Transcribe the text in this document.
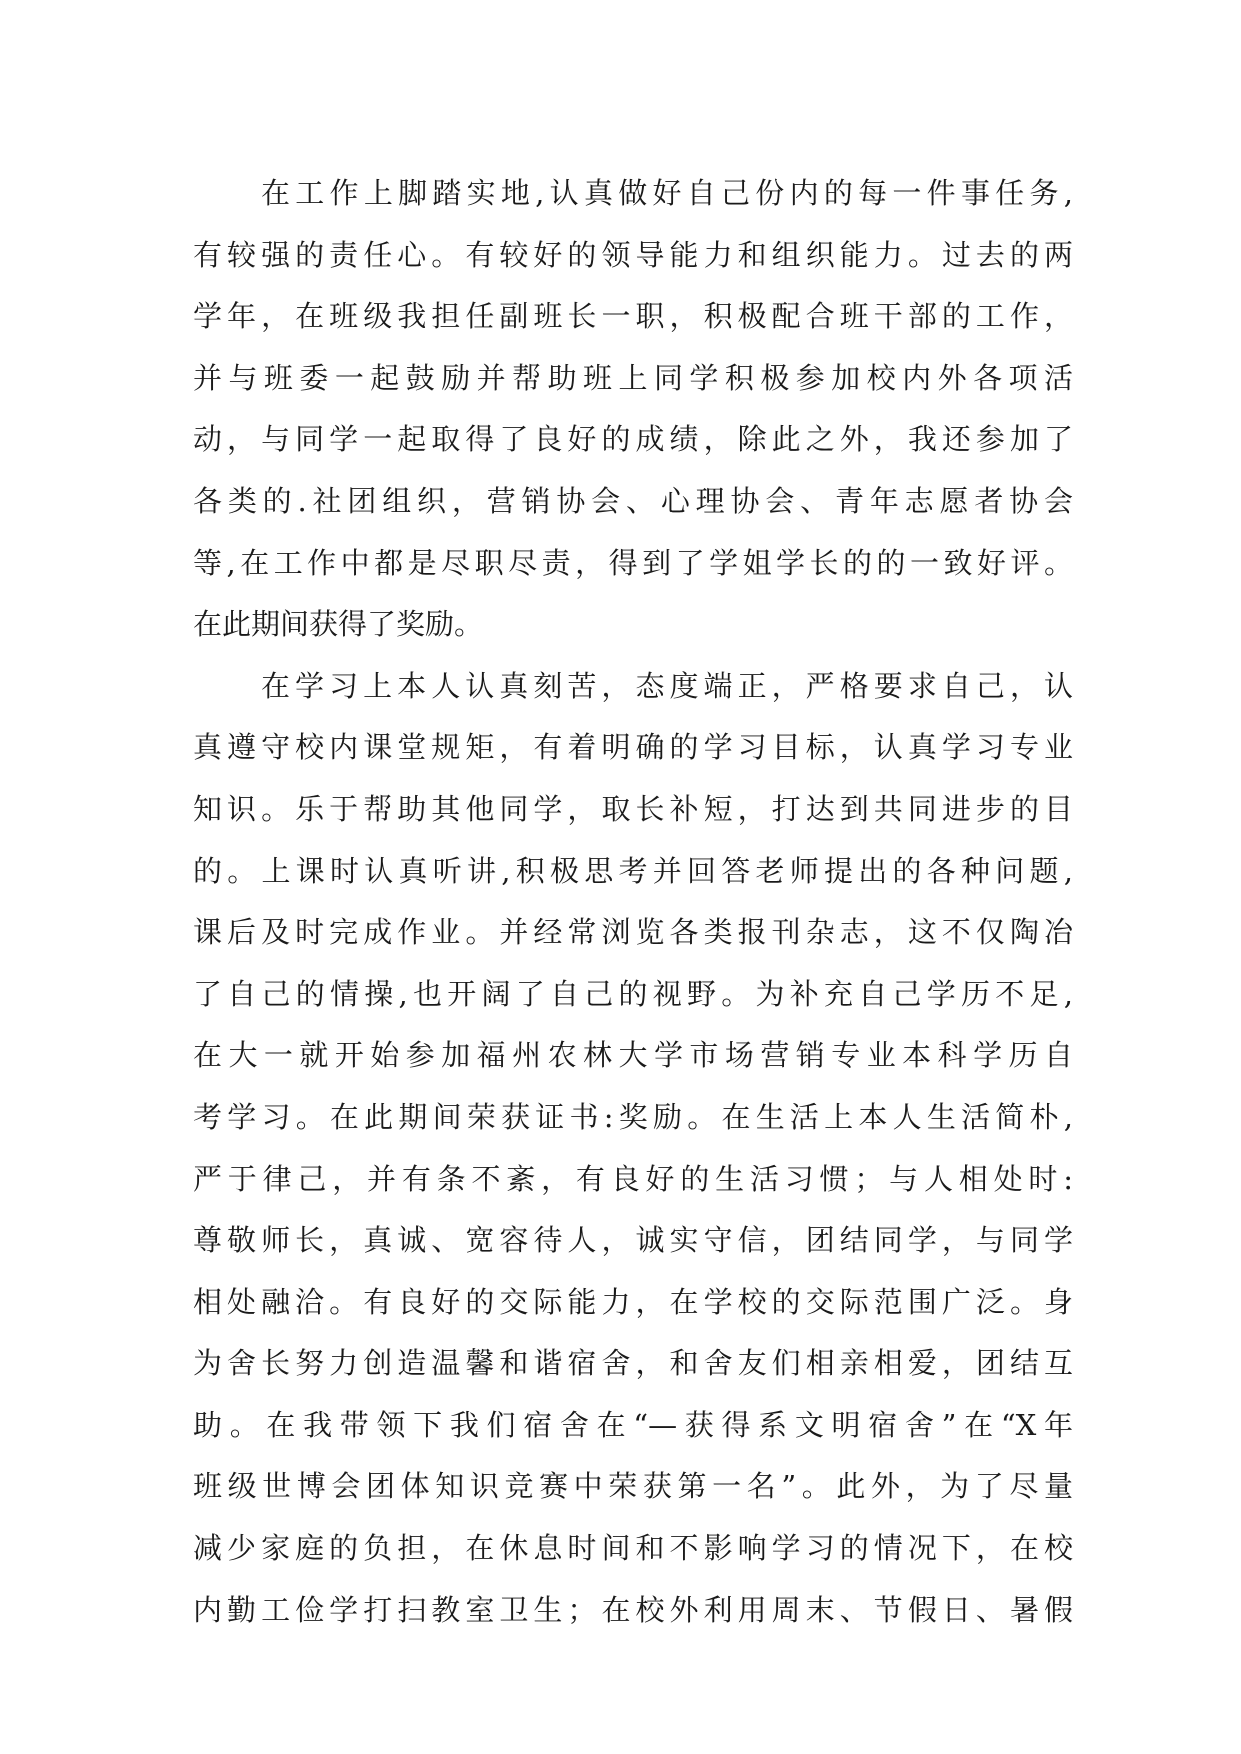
在工作上脚踏实地,认真做好自己份内的每一件事任务,
有较强的责任心。有较好的领导能力和组织能力。过去的两
学年，在班级我担任副班长一职，积极配合班干部的工作，
并与班委一起鼓励并帮助班上同学积极参加校内外各项活
动，与同学一起取得了良好的成绩，除此之外，我还参加了
各类的.社团组织，营销协会、心理协会、青年志愿者协会
等,在工作中都是尽职尽责，得到了学姐学长的的一致好评。
在此期间获得了奖励。
在学习上本人认真刻苦，态度端正，严格要求自己，认
真遵守校内课堂规矩，有着明确的学习目标，认真学习专业
知识。乐于帮助其他同学，取长补短，打达到共同进步的目
的。上课时认真听讲,积极思考并回答老师提出的各种问题,
课后及时完成作业。并经常浏览各类报刊杂志，这不仅陶冶
了自己的情操,也开阔了自己的视野。为补充自己学历不足,
在大一就开始参加福州农林大学市场营销专业本科学历自
考学习。在此期间荣获证书:奖励。在生活上本人生活简朴,
严于律己，并有条不紊，有良好的生活习惯；与人相处时:
尊敬师长，真诚、宽容待人，诚实守信，团结同学，与同学
相处融洽。有良好的交际能力，在学校的交际范围广泛。身
为舍长努力创造温馨和谐宿舍，和舍友们相亲相爱，团结互
助。在我带领下我们宿舍在“—获得系文明宿舍”在“X年
班级世博会团体知识竞赛中荣获第一名”。此外，为了尽量
减少家庭的负担，在休息时间和不影响学习的情况下，在校
内勤工俭学打扫教室卫生；在校外利用周末、节假日、暑假
